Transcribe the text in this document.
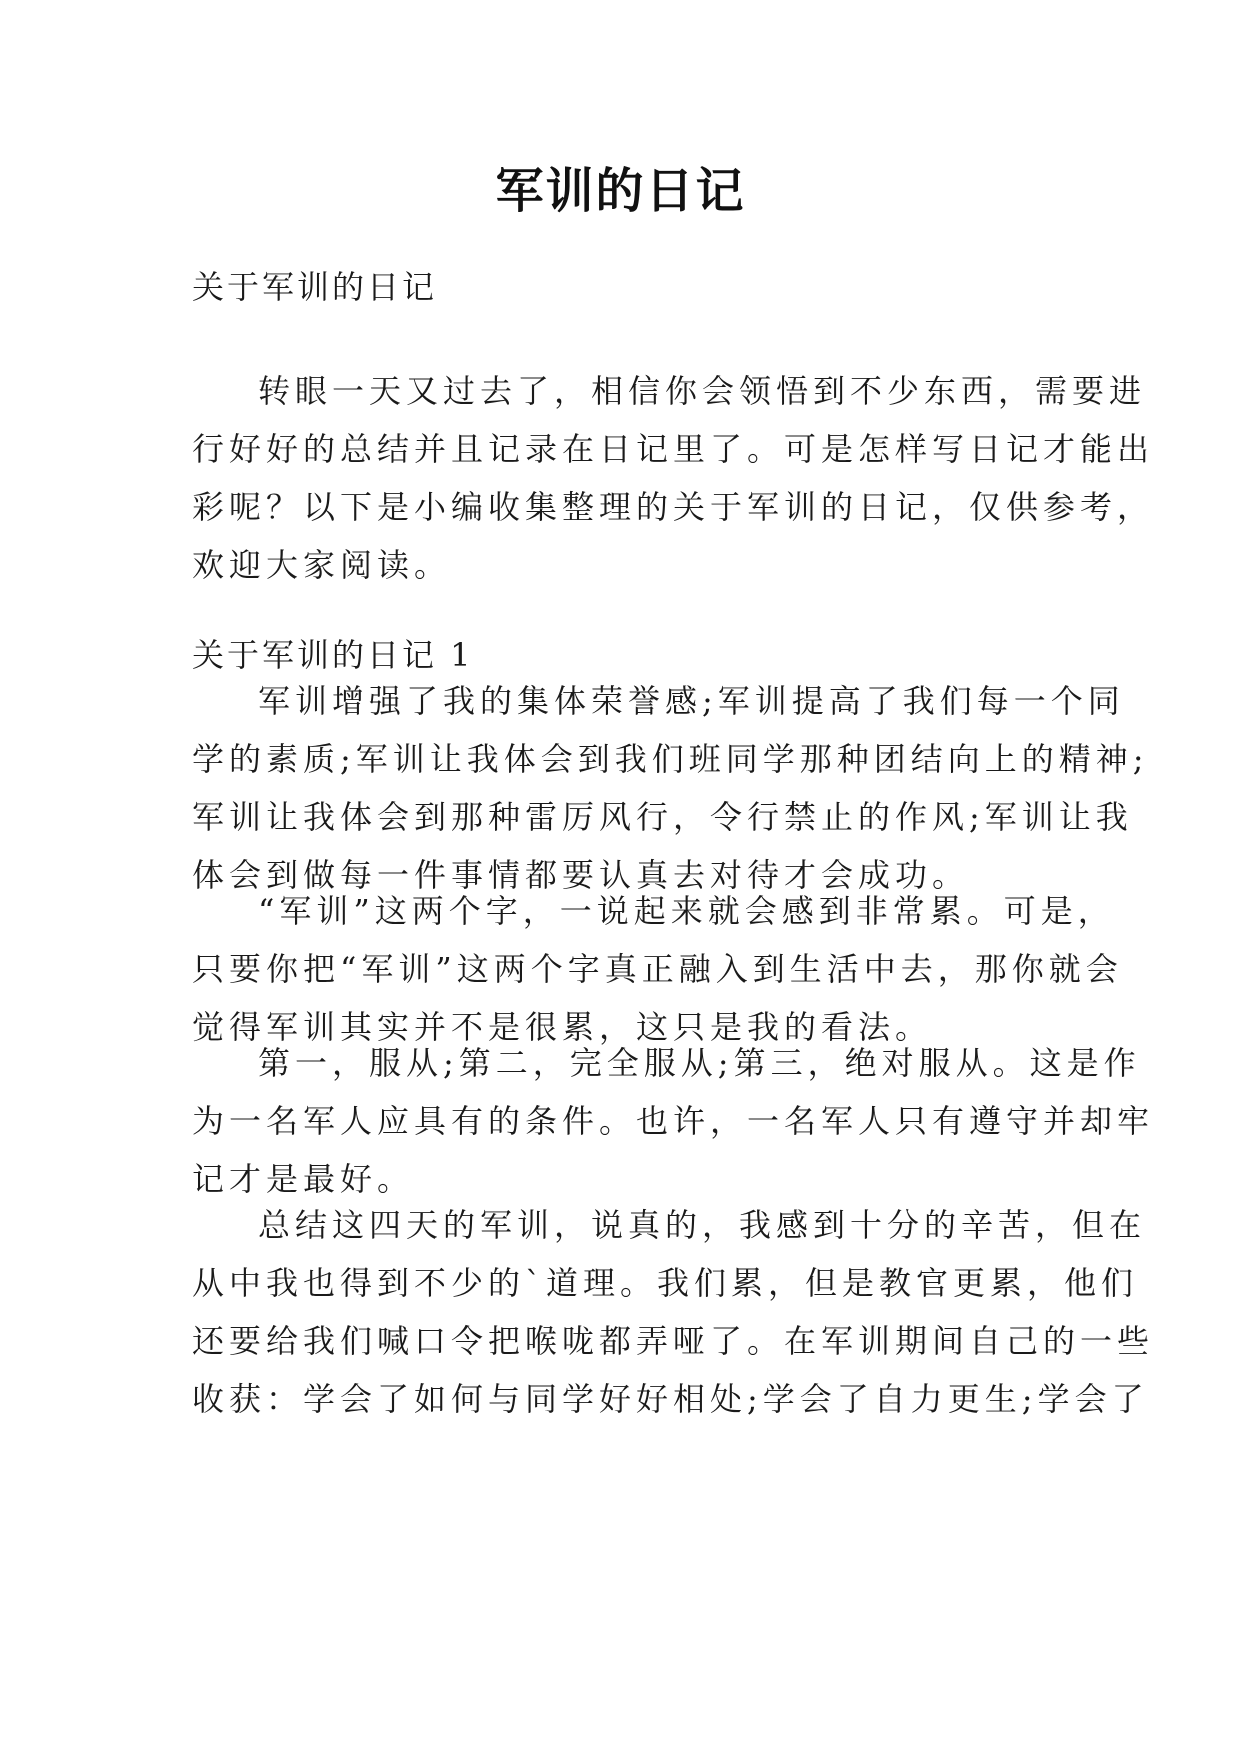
军训的日记
关于军训的日记
转眼一天又过去了，相信你会领悟到不少东西，需要进
行好好的总结并且记录在日记里了。可是怎样写日记才能出
彩呢？以下是小编收集整理的关于军训的日记，仅供参考，
欢迎大家阅读。
关于军训的日记 1
军训增强了我的集体荣誉感;军训提高了我们每一个同
学的素质;军训让我体会到我们班同学那种团结向上的精神;
军训让我体会到那种雷厉风行，令行禁止的作风;军训让我
体会到做每一件事情都要认真去对待才会成功。
“军训”这两个字，一说起来就会感到非常累。可是，
只要你把“军训”这两个字真正融入到生活中去，那你就会
觉得军训其实并不是很累，这只是我的看法。
第一，服从;第二，完全服从;第三，绝对服从。这是作
为一名军人应具有的条件。也许，一名军人只有遵守并却牢
记才是最好。
总结这四天的军训，说真的，我感到十分的辛苦，但在
从中我也得到不少的`道理。我们累，但是教官更累，他们
还要给我们喊口令把喉咙都弄哑了。在军训期间自己的一些
收获：学会了如何与同学好好相处;学会了自力更生;学会了
